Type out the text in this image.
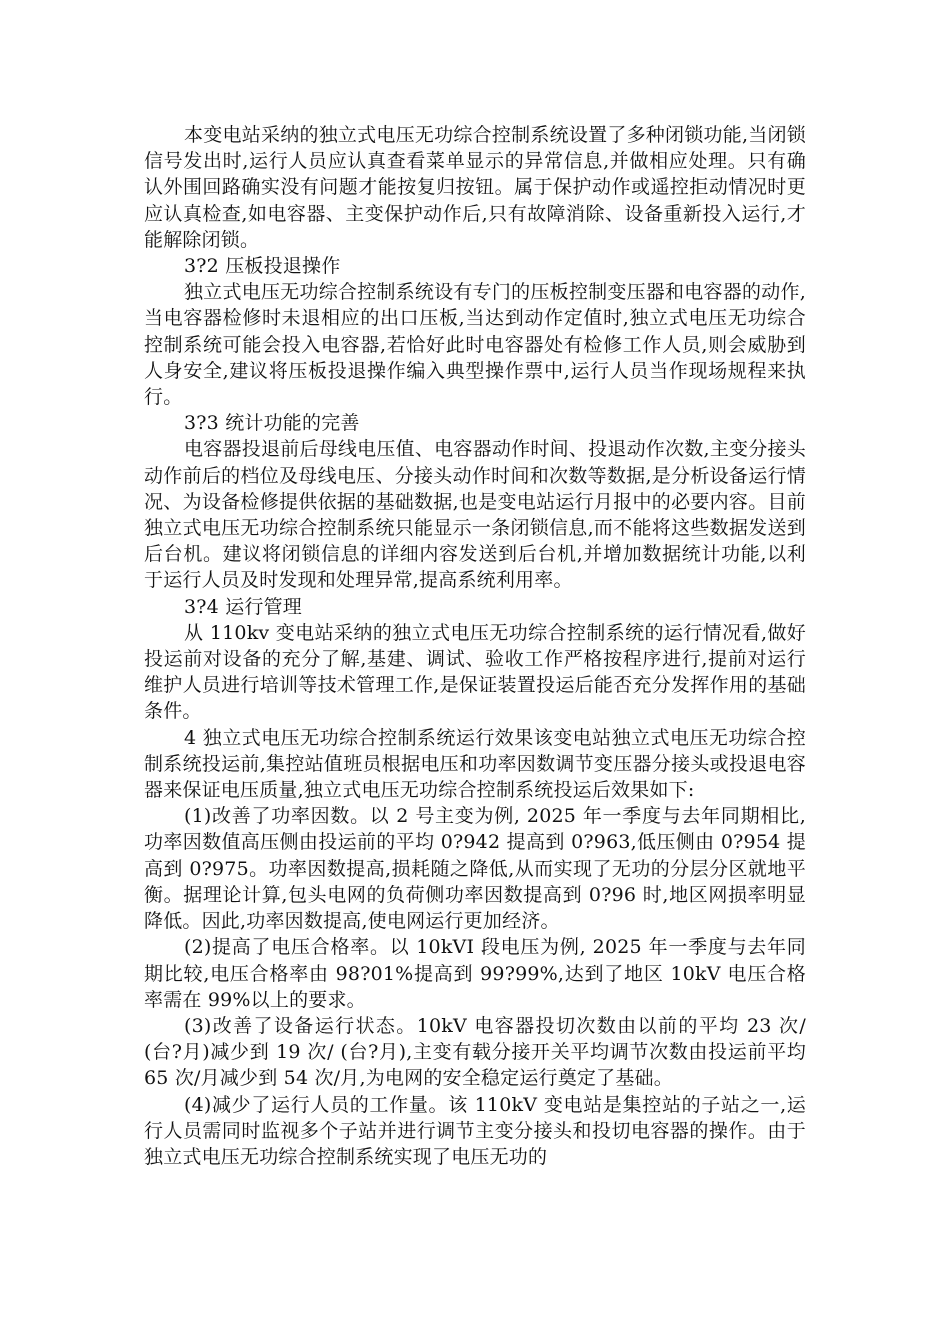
本变电站采纳的独立式电压无功综合控制系统设置了多种闭锁功能,当闭锁信号发出时,运行人员应认真查看菜单显示的异常信息,并做相应处理。只有确认外围回路确实没有问题才能按复归按钮。属于保护动作或遥控拒动情况时更应认真检查,如电容器、主变保护动作后,只有故障消除、设备重新投入运行,才能解除闭锁。

3?2 压板投退操作

独立式电压无功综合控制系统设有专门的压板控制变压器和电容器的动作,当电容器检修时未退相应的出口压板,当达到动作定值时,独立式电压无功综合控制系统可能会投入电容器,若恰好此时电容器处有检修工作人员,则会威胁到人身安全,建议将压板投退操作编入典型操作票中,运行人员当作现场规程来执行。

3?3 统计功能的完善

电容器投退前后母线电压值、电容器动作时间、投退动作次数,主变分接头动作前后的档位及母线电压、分接头动作时间和次数等数据,是分析设备运行情况、为设备检修提供依据的基础数据,也是变电站运行月报中的必要内容。目前独立式电压无功综合控制系统只能显示一条闭锁信息,而不能将这些数据发送到后台机。建议将闭锁信息的详细内容发送到后台机,并增加数据统计功能,以利于运行人员及时发现和处理异常,提高系统利用率。

3?4 运行管理

从 110kv 变电站采纳的独立式电压无功综合控制系统的运行情况看,做好投运前对设备的充分了解,基建、调试、验收工作严格按程序进行,提前对运行维护人员进行培训等技术管理工作,是保证装置投运后能否充分发挥作用的基础条件。

4 独立式电压无功综合控制系统运行效果该变电站独立式电压无功综合控制系统投运前,集控站值班员根据电压和功率因数调节变压器分接头或投退电容器来保证电压质量,独立式电压无功综合控制系统投运后效果如下:

(1)改善了功率因数。以 2 号主变为例, 2025 年一季度与去年同期相比,功率因数值高压侧由投运前的平均 0?942 提高到 0?963,低压侧由 0?954 提高到 0?975。功率因数提高,损耗随之降低,从而实现了无功的分层分区就地平衡。据理论计算,包头电网的负荷侧功率因数提高到 0?96 时,地区网损率明显降低。因此,功率因数提高,使电网运行更加经济。

(2)提高了电压合格率。以 10kVI 段电压为例, 2025 年一季度与去年同期比较,电压合格率由 98?01%提高到 99?99%,达到了地区 10kV 电压合格率需在 99%以上的要求。

(3)改善了设备运行状态。10kV 电容器投切次数由以前的平均 23 次/ (台?月)减少到 19 次/ (台?月),主变有载分接开关平均调节次数由投运前平均 65 次/月减少到 54 次/月,为电网的安全稳定运行奠定了基础。

(4)减少了运行人员的工作量。该 110kV 变电站是集控站的子站之一,运行人员需同时监视多个子站并进行调节主变分接头和投切电容器的操作。由于独立式电压无功综合控制系统实现了电压无功的
